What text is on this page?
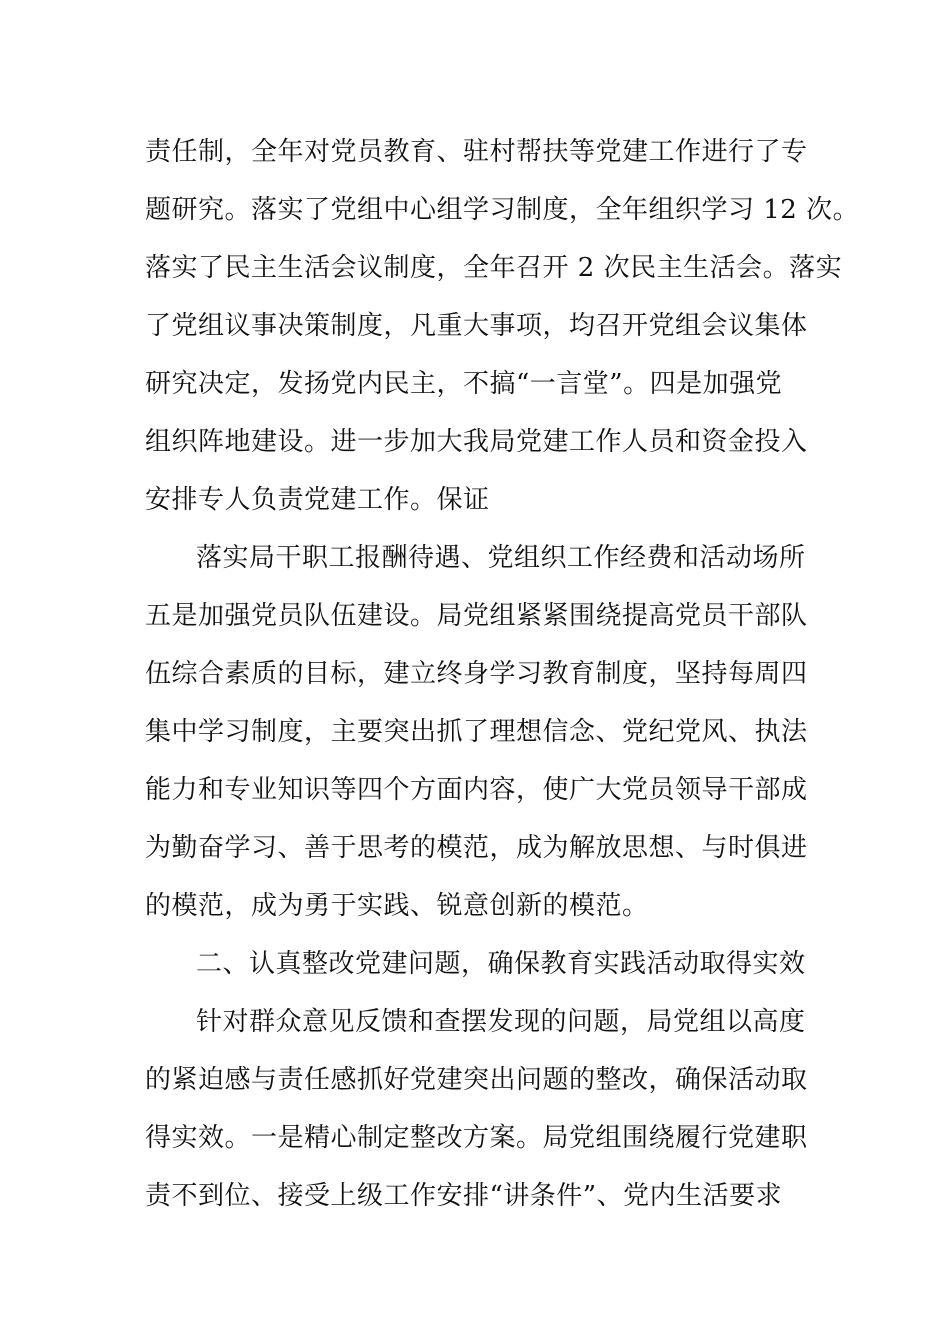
责任制，全年对党员教育、驻村帮扶等党建工作进行了专
题研究。落实了党组中心组学习制度，全年组织学习 12 次。
落实了民主生活会议制度，全年召开 2 次民主生活会。落实
了党组议事决策制度，凡重大事项，均召开党组会议集体
研究决定，发扬党内民主，不搞“一言堂”。四是加强党
组织阵地建设。进一步加大我局党建工作人员和资金投入
安排专人负责党建工作。保证
落实局干职工报酬待遇、党组织工作经费和活动场所
五是加强党员队伍建设。局党组紧紧围绕提高党员干部队
伍综合素质的目标，建立终身学习教育制度，坚持每周四
集中学习制度，主要突出抓了理想信念、党纪党风、执法
能力和专业知识等四个方面内容，使广大党员领导干部成
为勤奋学习、善于思考的模范，成为解放思想、与时俱进
的模范，成为勇于实践、锐意创新的模范。
二、认真整改党建问题，确保教育实践活动取得实效
针对群众意见反馈和查摆发现的问题，局党组以高度
的紧迫感与责任感抓好党建突出问题的整改，确保活动取
得实效。一是精心制定整改方案。局党组围绕履行党建职
责不到位、接受上级工作安排“讲条件”、党内生活要求
